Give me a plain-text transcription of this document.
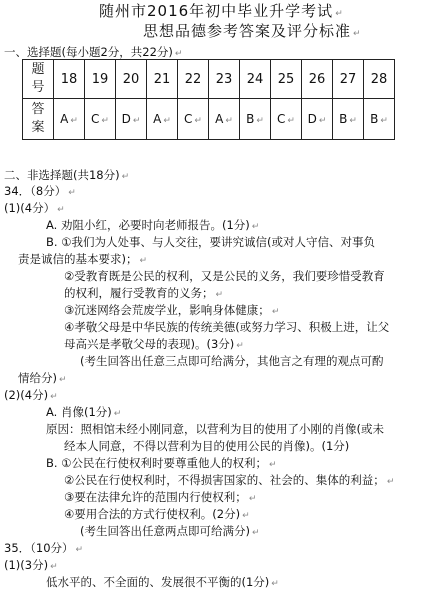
随州市2016年初中毕业升学考试 ↵
思想品德参考答案及评分标准 ↵
一、选择题(每小题2分，共22分) ↵
题
号	18	19	20	21	22	23	24	25	26	27	28
答
案	A ↵	C ↵	D ↵	A ↵	C ↵	A ↵	B ↵	C ↵	D ↵	B ↵	B ↵
二、非选择题(共18分) ↵
34．（8分） ↵
(1)(4分） ↵
A. 劝阻小红，必要时向老师报告。(1分) ↵
B. ①我们为人处事、与人交往，要讲究诚信(或对人守信、对事负
责是诚信的基本要求)； ↵
②受教育既是公民的权利，又是公民的义务，我们要珍惜受教育
的权利，履行受教育的义务； ↵
③沉迷网络会荒废学业，影响身体健康； ↵
④孝敬父母是中华民族的传统美德(或努力学习、积极上进，让父
母高兴是孝敬父母的表现)。(3分) ↵
(考生回答出任意三点即可给满分，其他言之有理的观点可酌
情给分) ↵
(2)(4分) ↵
A. 肖像(1分) ↵
原因：照相馆未经小刚同意，以营利为目的使用了小刚的肖像(或未
经本人同意，不得以营利为目的使用公民的肖像)。(1分)
B. ①公民在行使权利时要尊重他人的权利； ↵
②公民在行使权利时，不得损害国家的、社会的、集体的利益； ↵
③要在法律允许的范围内行使权利； ↵
④要用合法的方式行使权利。(2分) ↵
(考生回答出任意两点即可给满分) ↵
35．（10分） ↵
(1)(3分) ↵
低水平的、不全面的、发展很不平衡的(1分) ↵
